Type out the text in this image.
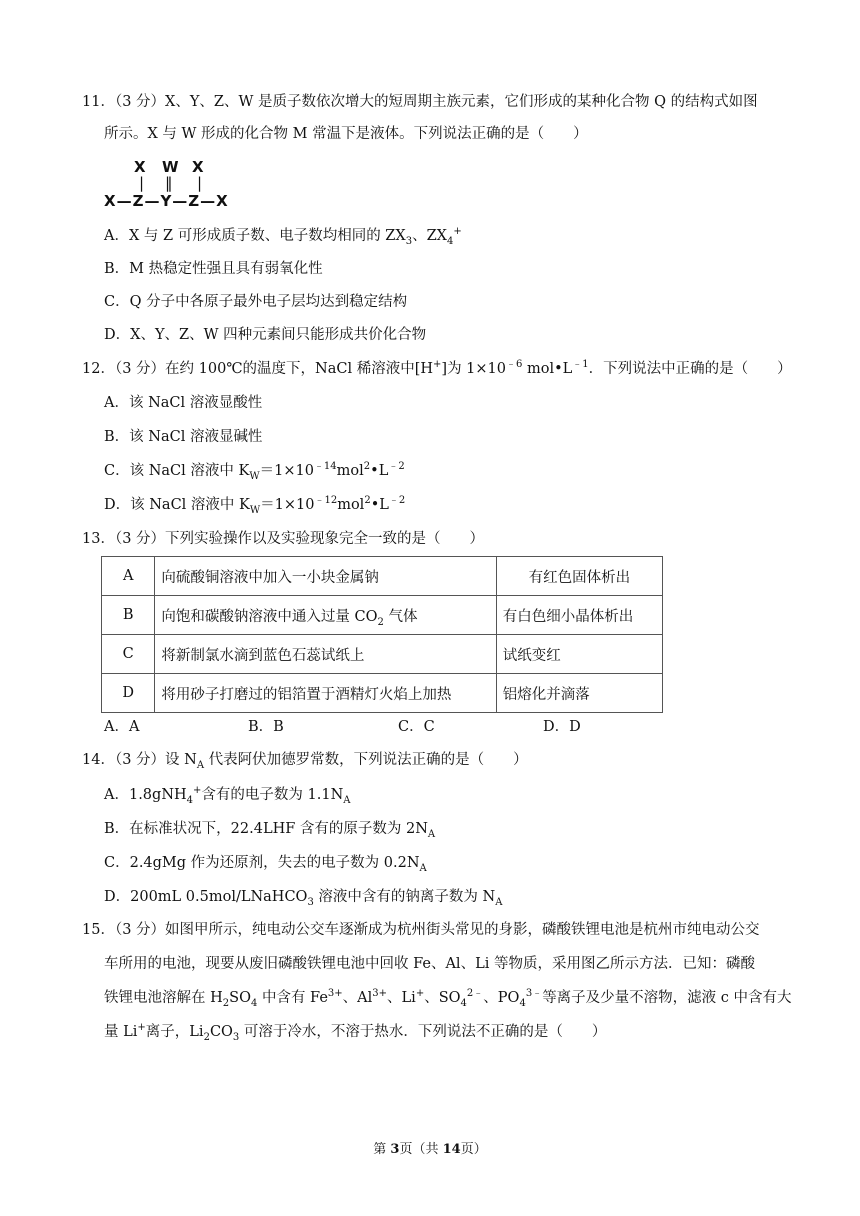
11．（3 分）X、Y、Z、W 是质子数依次增大的短周期主族元素，它们形成的某种化合物 Q 的结构式如图
所示。X 与 W 形成的化合物 M 常温下是液体。下列说法正确的是（　　）
X W X
| ‖ |
X—Z—Y—Z—X
A．X 与 Z 可形成质子数、电子数均相同的 $ZX_3$、$ZX_4^+$
B．M 热稳定性强且具有弱氧化性
C．Q 分子中各原子最外电子层均达到稳定结构
D．X、Y、Z、W 四种元素间只能形成共价化合物
12．（3 分）在约 100℃的温度下，NaCl 稀溶液中[H+]为 $1\times 10^{﹣6}$ $mol•L^{﹣1}$．下列说法中正确的是（　　）
A．该 NaCl 溶液显酸性
B．该 NaCl 溶液显碱性
C．该 NaCl 溶液中 $K_W=1\times 10^{﹣14}mol^2•L^{﹣2}$
D．该 NaCl 溶液中 $K_W=1\times 10^{﹣12}mol^2•L^{﹣2}$
13．（3 分）下列实验操作以及实验现象完全一致的是（　　）
A	向硫酸铜溶液中加入一小块金属钠	有红色固体析出
B	向饱和碳酸钠溶液中通入过量 $CO_2$ 气体	有白色细小晶体析出
C	将新制氯水滴到蓝色石蕊试纸上	试纸变红
D	将用砂子打磨过的铝箔置于酒精灯火焰上加热	铝熔化并滴落
A．A	B．B	C．C	D．D
14．（3 分）设 $N_A$ 代表阿伏加德罗常数，下列说法正确的是（　　）
A．1.8gNH$_4$+含有的电子数为 $1.1N_A$
B．在标准状况下，22.4LHF 含有的原子数为 $2N_A$
C．2.4gMg 作为还原剂，失去的电子数为 $0.2N_A$
D．200mL 0.5mol/LNaHCO$_3$ 溶液中含有的钠离子数为 $N_A$
15．（3 分）如图甲所示，纯电动公交车逐渐成为杭州街头常见的身影，磷酸铁锂电池是杭州市纯电动公交
车所用的电池，现要从废旧磷酸铁锂电池中回收 Fe、Al、Li 等物质，采用图乙所示方法．已知：磷酸
铁锂电池溶解在 $H_2SO_4$ 中含有 $Fe^{3+}$、$Al^{3+}$、Li+、$SO_4^{2﹣}$、$PO_4^{3﹣}$等离子及少量不溶物，滤液 c 中含有大
量 Li+离子，$Li_2CO_3$ 可溶于冷水，不溶于热水．下列说法不正确的是（　　）
第 3页（共 14页）
